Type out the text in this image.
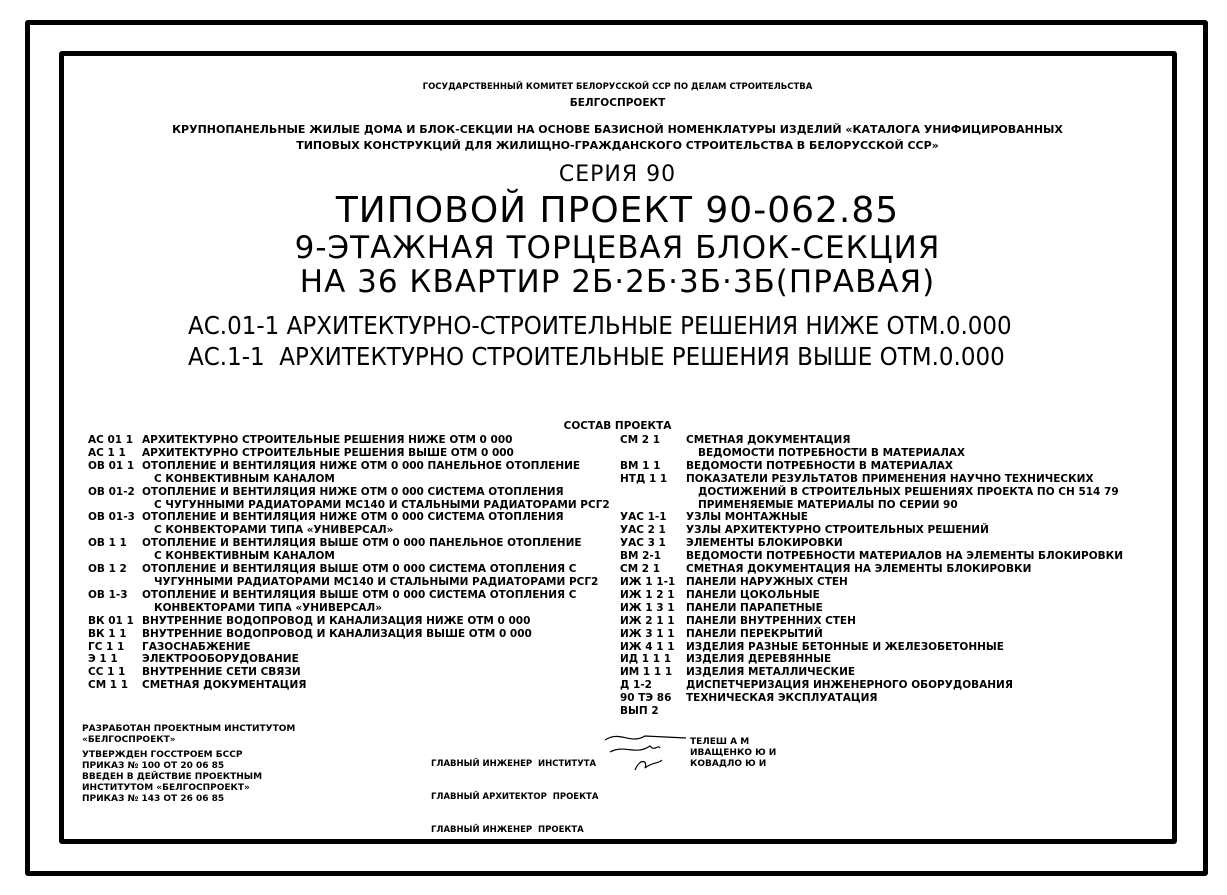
ГОСУДАРСТВЕННЫЙ КОМИТЕТ БЕЛОРУССКОЙ ССР ПО ДЕЛАМ СТРОИТЕЛЬСТВА
БЕЛГОСПРОЕКТ
КРУПНОПАНЕЛЬНЫЕ ЖИЛЫЕ ДОМА И БЛОК-СЕКЦИИ НА ОСНОВЕ БАЗИСНОЙ НОМЕНКЛАТУРЫ ИЗДЕЛИЙ «КАТАЛОГА УНИФИЦИРОВАННЫХ
ТИПОВЫХ КОНСТРУКЦИЙ ДЛЯ ЖИЛИЩНО-ГРАЖДАНСКОГО СТРОИТЕЛЬСТВА В БЕЛОРУССКОЙ ССР»
СЕРИЯ 90
ТИПОВОЙ ПРОЕКТ 90-062.85
9-ЭТАЖНАЯ ТОРЦЕВАЯ БЛОК-СЕКЦИЯ
НА 36 КВАРТИР 2Б·2Б·3Б·3Б(ПРАВАЯ)
АС.01-1 АРХИТЕКТУРНО-СТРОИТЕЛЬНЫЕ РЕШЕНИЯ НИЖЕ ОТМ.0.000
АС.1-1  АРХИТЕКТУРНО СТРОИТЕЛЬНЫЕ РЕШЕНИЯ ВЫШЕ ОТМ.0.000
СОСТАВ ПРОЕКТА
АС 01 1 АРХИТЕКТУРНО СТРОИТЕЛЬНЫЕ РЕШЕНИЯ НИЖЕ ОТМ 0 000
АС 1 1	АРХИТЕКТУРНО СТРОИТЕЛЬНЫЕ РЕШЕНИЯ ВЫШЕ ОТМ 0 000
ОВ 01 1 ОТОПЛЕНИЕ И ВЕНТИЛЯЦИЯ НИЖЕ ОТМ 0 000 ПАНЕЛЬНОЕ ОТОПЛЕНИЕ
С КОНВЕКТИВНЫМ КАНАЛОМ
ОВ 01-2 ОТОПЛЕНИЕ И ВЕНТИЛЯЦИЯ НИЖЕ ОТМ 0 000 СИСТЕМА ОТОПЛЕНИЯ
С ЧУГУННЫМИ РАДИАТОРАМИ МС140 И СТАЛЬНЫМИ РАДИАТОРАМИ РСГ2
ОВ 01-3 ОТОПЛЕНИЕ И ВЕНТИЛЯЦИЯ НИЖЕ ОТМ 0 000 СИСТЕМА ОТОПЛЕНИЯ
С КОНВЕКТОРАМИ ТИПА «УНИВЕРСАЛ»
ОВ 1 1	ОТОПЛЕНИЕ И ВЕНТИЛЯЦИЯ ВЫШЕ ОТМ 0 000 ПАНЕЛЬНОЕ ОТОПЛЕНИЕ
С КОНВЕКТИВНЫМ КАНАЛОМ
ОВ 1 2	ОТОПЛЕНИЕ И ВЕНТИЛЯЦИЯ ВЫШЕ ОТМ 0 000 СИСТЕМА ОТОПЛЕНИЯ С
ЧУГУННЫМИ РАДИАТОРАМИ МС140 И СТАЛЬНЫМИ РАДИАТОРАМИ РСГ2
ОВ 1-3	ОТОПЛЕНИЕ И ВЕНТИЛЯЦИЯ ВЫШЕ ОТМ 0 000 СИСТЕМА ОТОПЛЕНИЯ С
КОНВЕКТОРАМИ ТИПА «УНИВЕРСАЛ»
ВК 01 1 ВНУТРЕННИЕ ВОДОПРОВОД И КАНАЛИЗАЦИЯ НИЖЕ ОТМ 0 000
ВК 1 1	ВНУТРЕННИЕ ВОДОПРОВОД И КАНАЛИЗАЦИЯ ВЫШЕ ОТМ 0 000
ГС 1 1	ГАЗОСНАБЖЕНИЕ
Э 1 1	ЭЛЕКТРООБОРУДОВАНИЕ
СС 1 1	ВНУТРЕННИЕ СЕТИ СВЯЗИ
СМ 1 1	СМЕТНАЯ ДОКУМЕНТАЦИЯ
СМ 2 1	СМЕТНАЯ ДОКУМЕНТАЦИЯ
ВЕДОМОСТИ ПОТРЕБНОСТИ В МАТЕРИАЛАХ
ВМ 1 1	ВЕДОМОСТИ ПОТРЕБНОСТИ В МАТЕРИАЛАХ
НТД 1 1	ПОКАЗАТЕЛИ РЕЗУЛЬТАТОВ ПРИМЕНЕНИЯ НАУЧНО ТЕХНИЧЕСКИХ
ДОСТИЖЕНИЙ В СТРОИТЕЛЬНЫХ РЕШЕНИЯХ ПРОЕКТА ПО СН 514 79
ПРИМЕНЯЕМЫЕ МАТЕРИАЛЫ ПО СЕРИИ 90
УАС 1-1	УЗЛЫ МОНТАЖНЫЕ
УАС 2 1	УЗЛЫ АРХИТЕКТУРНО СТРОИТЕЛЬНЫХ РЕШЕНИЙ
УАС 3 1	ЭЛЕМЕНТЫ БЛОКИРОВКИ
ВМ 2-1	ВЕДОМОСТИ ПОТРЕБНОСТИ МАТЕРИАЛОВ НА ЭЛЕМЕНТЫ БЛОКИРОВКИ
СМ 2 1	СМЕТНАЯ ДОКУМЕНТАЦИЯ НА ЭЛЕМЕНТЫ БЛОКИРОВКИ
ИЖ 1 1-1	ПАНЕЛИ НАРУЖНЫХ СТЕН
ИЖ 1 2 1	ПАНЕЛИ ЦОКОЛЬНЫЕ
ИЖ 1 3 1	ПАНЕЛИ ПАРАПЕТНЫЕ
ИЖ 2 1 1	ПАНЕЛИ ВНУТРЕННИХ СТЕН
ИЖ 3 1 1	ПАНЕЛИ ПЕРЕКРЫТИЙ
ИЖ 4 1 1	ИЗДЕЛИЯ РАЗНЫЕ БЕТОННЫЕ И ЖЕЛЕЗОБЕТОННЫЕ
ИД 1 1 1	ИЗДЕЛИЯ ДЕРЕВЯННЫЕ
ИМ 1 1 1	ИЗДЕЛИЯ МЕТАЛЛИЧЕСКИЕ
Д 1-2	ДИСПЕТЧЕРИЗАЦИЯ ИНЖЕНЕРНОГО ОБОРУДОВАНИЯ
90 ТЭ 86	ТЕХНИЧЕСКАЯ ЭКСПЛУАТАЦИЯ
ВЫП 2
РАЗРАБОТАН ПРОЕКТНЫМ ИНСТИТУТОМ
«БЕЛГОСПРОЕКТ»
УТВЕРЖДЕН ГОССТРОЕМ БССР
ПРИКАЗ № 100 ОТ 20 06 85
ВВЕДЕН В ДЕЙСТВИЕ ПРОЕКТНЫМ
ИНСТИТУТОМ «БЕЛГОСПРОЕКТ»
ПРИКАЗ № 143 ОТ 26 06 85

ГЛАВНЫЙ ИНЖЕНЕР  ИНСТИТУТА

ГЛАВНЫЙ АРХИТЕКТОР  ПРОЕКТА

ГЛАВНЫЙ ИНЖЕНЕР  ПРОЕКТА

ТЕЛЕШ А М
ИВАЩЕНКО Ю И
КОВАДЛО Ю И
